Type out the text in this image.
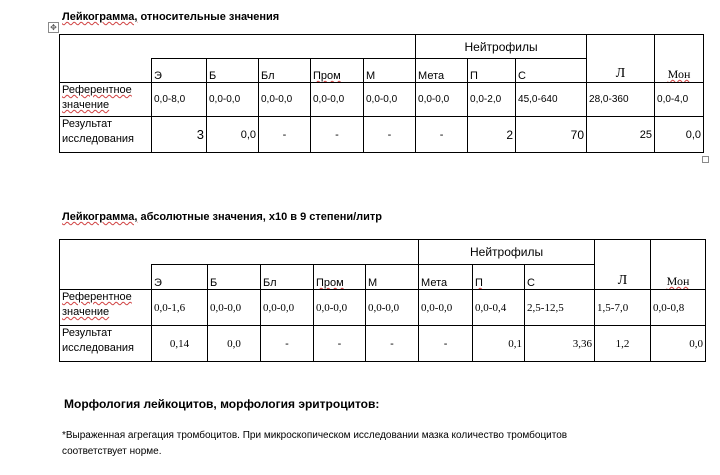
Лейкограмма, относительные значения
✥
						Нейтрофилы				
	Э	Б	Бл	Пром	М	Мета	П	С	Л	Мон
Референтное значение	0,0-8,0	0,0-0,0	0,0-0,0	0,0-0,0	0,0-0,0	0,0-0,0	0,0-2,0	45,0-640	28,0-360	0,0-4,0
Результат исследования	3	0,0	-	-	-	-	2	70	25	0,0
Лейкограмма, абсолютные значения, х10 в 9 степени/литр
						Нейтрофилы				
	Э	Б	Бл	Пром	М	Мета	П	С	Л	Мон
Референтное значение	0,0-1,6	0,0-0,0	0,0-0,0	0,0-0,0	0,0-0,0	0,0-0,0	0,0-0,4	2,5-12,5	1,5-7,0	0,0-0,8
Результат исследования	0,14	0,0	-	-	-	-	0,1	3,36	1,2	0,0
Морфология лейкоцитов, морфология эритроцитов:
*Выраженная агрегация тромбоцитов. При микроскопическом исследовании мазка количество тромбоцитов соответствует норме.
